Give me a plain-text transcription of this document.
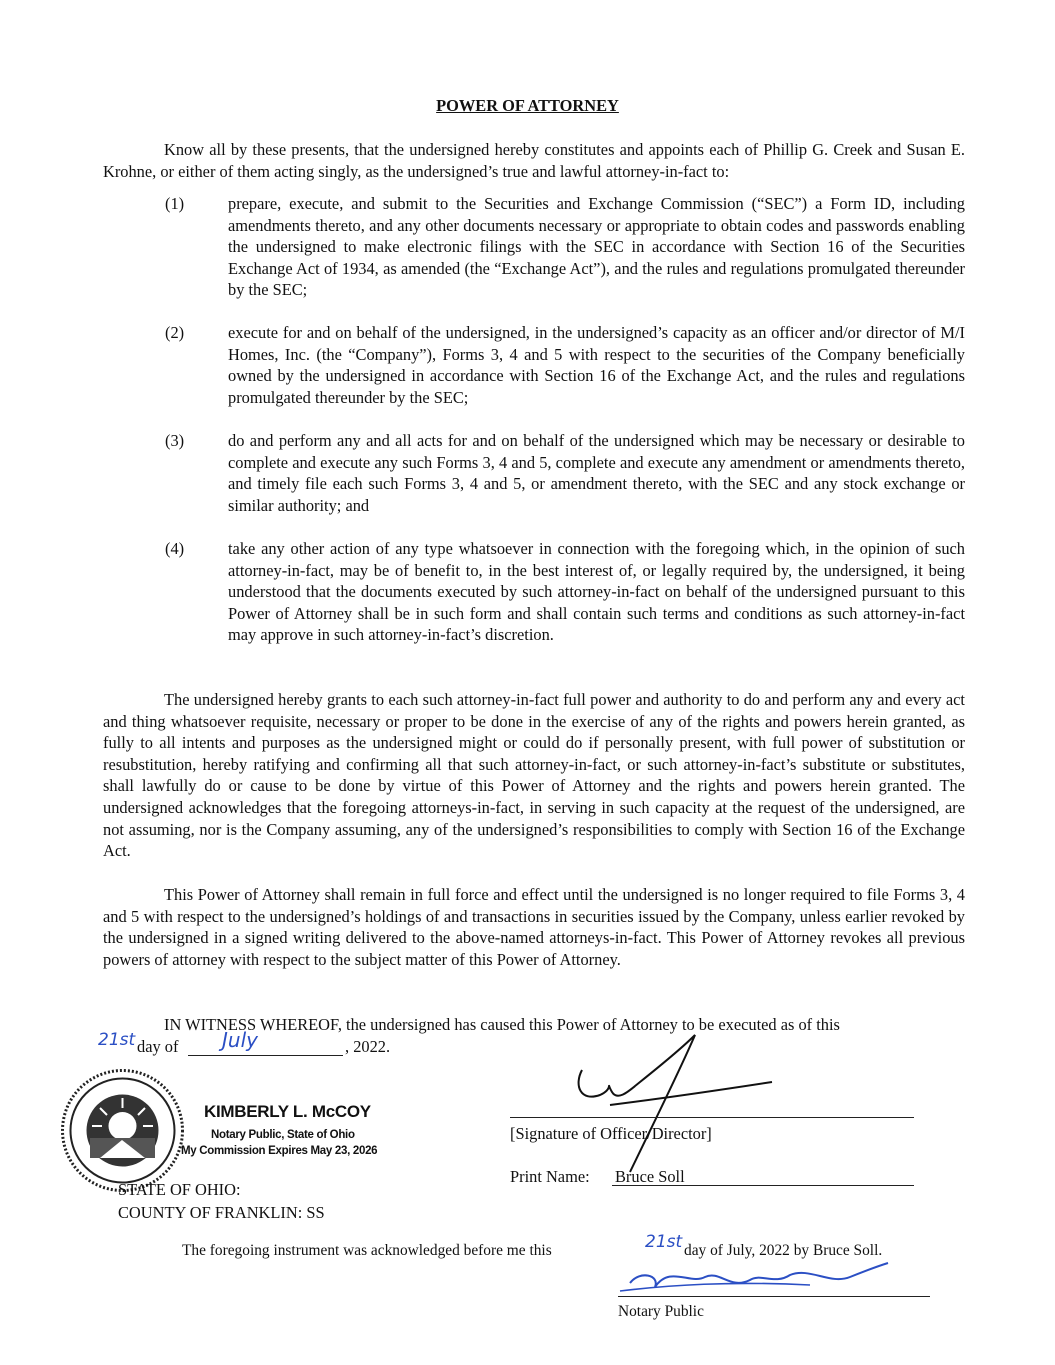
POWER OF ATTORNEY
Know all by these presents, that the undersigned hereby constitutes and appoints each of Phillip G. Creek and Susan E. Krohne, or either of them acting singly, as the undersigned’s true and lawful attorney-in-fact to:
(1)	prepare, execute, and submit to the Securities and Exchange Commission (“SEC”) a Form ID, including amendments thereto, and any other documents necessary or appropriate to obtain codes and passwords enabling the undersigned to make electronic filings with the SEC in accordance with Section 16 of the Securities Exchange Act of 1934, as amended (the “Exchange Act”), and the rules and regulations promulgated thereunder by the SEC;
(2)	execute for and on behalf of the undersigned, in the undersigned’s capacity as an officer and/or director of M/I Homes, Inc. (the “Company”), Forms 3, 4 and 5 with respect to the securities of the Company beneficially owned by the undersigned in accordance with Section 16 of the Exchange Act, and the rules and regulations promulgated thereunder by the SEC;
(3)	do and perform any and all acts for and on behalf of the undersigned which may be necessary or desirable to complete and execute any such Forms 3, 4 and 5, complete and execute any amendment or amendments thereto, and timely file each such Forms 3, 4 and 5, or amendment thereto, with the SEC and any stock exchange or similar authority; and
(4)	take any other action of any type whatsoever in connection with the foregoing which, in the opinion of such attorney-in-fact, may be of benefit to, in the best interest of, or legally required by, the undersigned, it being understood that the documents executed by such attorney-in-fact on behalf of the undersigned pursuant to this Power of Attorney shall be in such form and shall contain such terms and conditions as such attorney-in-fact may approve in such attorney-in-fact’s discretion.
The undersigned hereby grants to each such attorney-in-fact full power and authority to do and perform any and every act and thing whatsoever requisite, necessary or proper to be done in the exercise of any of the rights and powers herein granted, as fully to all intents and purposes as the undersigned might or could do if personally present, with full power of substitution or resubstitution, hereby ratifying and confirming all that such attorney-in-fact, or such attorney-in-fact’s substitute or substitutes, shall lawfully do or cause to be done by virtue of this Power of Attorney and the rights and powers herein granted. The undersigned acknowledges that the foregoing attorneys-in-fact, in serving in such capacity at the request of the undersigned, are not assuming, nor is the Company assuming, any of the undersigned’s responsibilities to comply with Section 16 of the Exchange Act.
This Power of Attorney shall remain in full force and effect until the undersigned is no longer required to file Forms 3, 4 and 5 with respect to the undersigned’s holdings of and transactions in securities issued by the Company, unless earlier revoked by the undersigned in a signed writing delivered to the above-named attorneys-in-fact. This Power of Attorney revokes all previous powers of attorney with respect to the subject matter of this Power of Attorney.
IN WITNESS WHEREOF, the undersigned has caused this Power of Attorney to be executed as of this
21st day of July	, 2022.
KIMBERLY L. McCOY
Notary Public, State of Ohio
My Commission Expires May 23, 2026
STATE OF OHIO:
COUNTY OF FRANKLIN: SS
[Signature of Officer/Director]
Print Name: Bruce Soll
The foregoing instrument was acknowledged before me this	21st day of July, 2022 by Bruce Soll.
Notary Public
